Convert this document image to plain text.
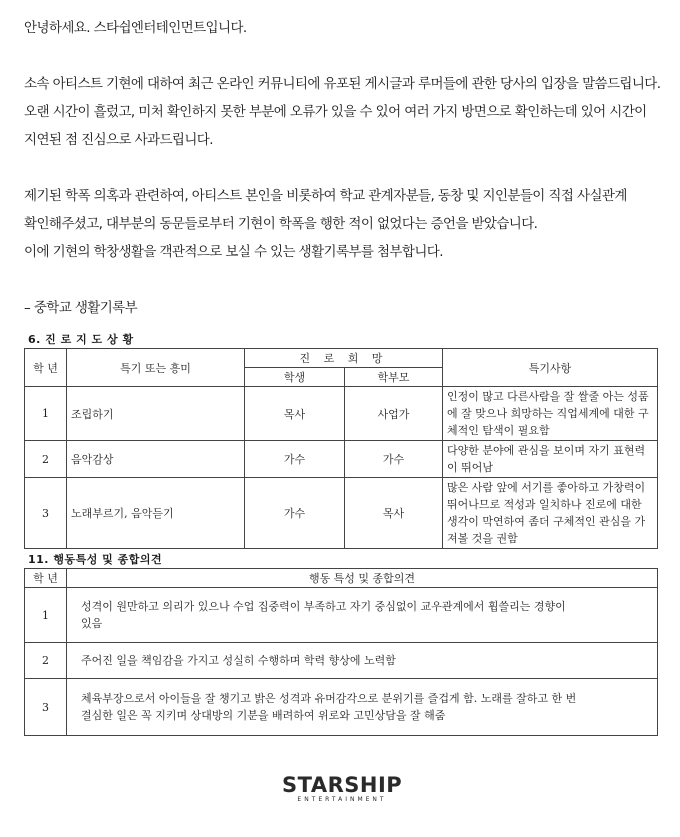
안녕하세요. 스타쉽엔터테인먼트입니다.

소속 아티스트 기현에 대하여 최근 온라인 커뮤니티에 유포된 게시글과 루머들에 관한 당사의 입장을 말씀드립니다.

오랜 시간이 흘렀고, 미처 확인하지 못한 부분에 오류가 있을 수 있어 여러 가지 방면으로 확인하는데 있어 시간이

지연된 점 진심으로 사과드립니다.

제기된 학폭 의혹과 관련하여, 아티스트 본인을 비롯하여 학교 관계자분들, 동창 및 지인분들이 직접 사실관계

확인해주셨고, 대부분의 동문들로부터 기현이 학폭을 행한 적이 없었다는 증언을 받았습니다.

이에 기현의 학창생활을 객관적으로 보실 수 있는 생활기록부를 첨부합니다.

– 중학교 생활기록부

6. 진 로 지 도 상 황
학 년	특기 또는 흥미	진 로 희 망		특기사항
		학생	학부모	
1	조립하기	목사	사업가	인정이 많고 다른사람을 잘 쌀줄 아는 성품
에 잘 맞으나 희망하는 직업세계에 대한 구
체적인 탐색이 필요함

2	음악감상	가수	가수	다양한 분야에 관심을 보이며 자기 표현력
이 뛰어남

3	노래부르기, 음악듣기	가수	목사	많은 사람 앞에 서기를 좋아하고 가창력이
뛰어나므로 적성과 일치하나 진로에 대한
생각이 막연하여 좀더 구체적인 관심을 가
져볼 것을 권함
11. 행동특성 및 종합의견
학 년	행동 특성 및 종합의견
1	성격이 원만하고 의리가 있으나 수업 집중력이 부족하고 자기 중심없이 교우관계에서 휩쓸리는 경향이
있음

2	주어진 일을 책임감을 가지고 성실히 수행하며 학력 향상에 노력함

3	체육부장으로서 아이들을 잘 챙기고 밝은 성격과 유머감각으로 분위기를 즐겁게 함. 노래를 잘하고 한 번
결심한 일은 꼭 지키며 상대방의 기분을 배려하여 위로와 고민상담을 잘 해줌
STARSHIP
ENTERTAINMENT
